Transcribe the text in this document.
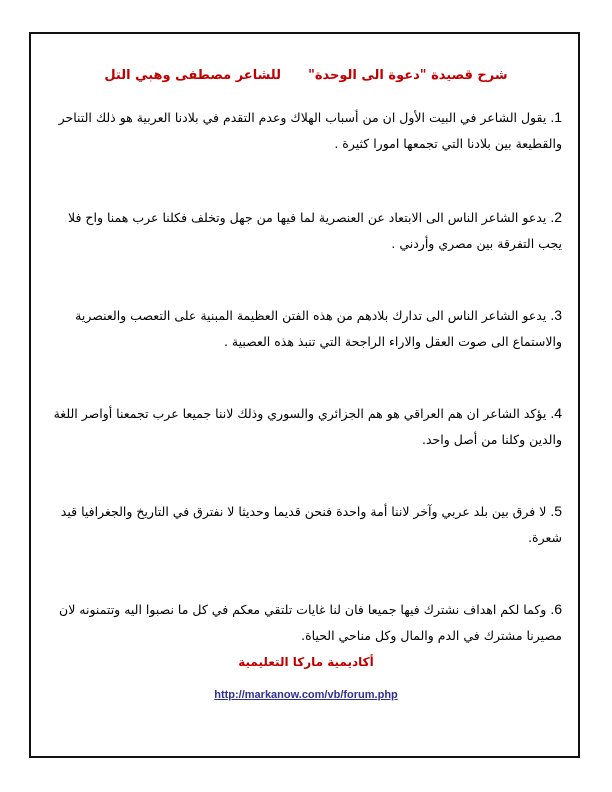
شرح قصيدة "دعوة الى الوحدة"  للشاعر مصطفى وهبي التل
1. يقول الشاعر في البيت الأول ان من أسباب الهلاك وعدم التقدم في بلادنا العربية هو ذلك التناحر والقطيعة بين بلادنا التي تجمعها امورا كثيرة .
2. يدعو الشاعر الناس الى الابتعاد عن العنصرية لما فيها من جهل وتخلف فكلنا عرب همنا واح فلا يجب التفرقة بين مصري وأردني .
3. يدعو الشاعر الناس الى تدارك بلادهم من هذه الفتن العظيمة المبنية على التعصب والعنصرية والاستماع الى صوت العقل والاراء الراجحة التي تنبذ هذه العصبية .
4. يؤكد الشاعر ان هم العراقي هو هم الجزائري والسوري وذلك لاننا جميعا عرب تجمعنا أواصر اللغة والدين وكلنا من أصل واحد.
5. لا فرق بين بلد عربي وآخر لاننا أمة واحدة فنحن قديما وحديثا لا نفترق في التاريخ والجغرافيا قيد شعرة.
6. وكما لكم اهداف نشترك فيها جميعا فان لنا غايات تلتقي معكم في كل ما نصبوا اليه وتتمنونه لان مصيرنا مشترك في الدم والمال وكل مناحي الحياة.
أكاديمية ماركا التعليمية
http://markanow.com/vb/forum.php
